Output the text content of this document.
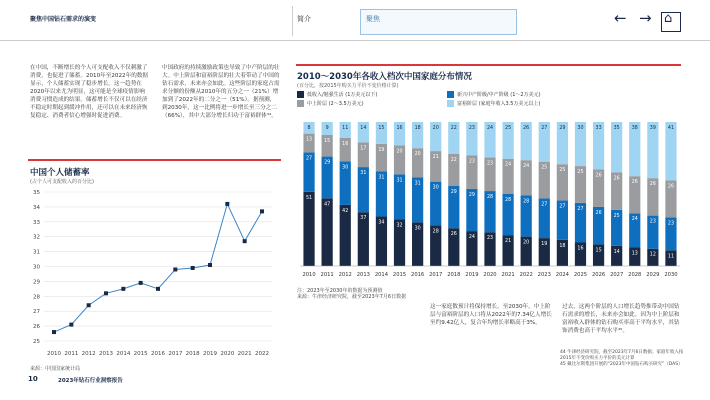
聚焦中国钻石需求的演变	简介	聚焦	← → ⌂
在中国，不断增长的个人可支配收入不仅刺激了消费，也促进了储蓄。2010年至2022年的数据显示，个人储蓄实现了稳步增长。这一趋势在2020年以来尤为明显，这可能是全球疫情影响消费习惯造成的结果。储蓄增长不仅可以在经济不稳定时期起到缓冲作用，还可以在未来经济恢复稳定、消费者信心增强时促进消费。
中国政府的持续激励政策也导致了中产阶层的壮大。中上阶层和富裕阶层的壮大着带动了中国的钻石需求，未来亦会如此。这些阶层的家庭占需求分额的份额从2010年的五分之一（21%）增加到了2022年的二分之一（51%）。据预测，到2030年，这一比例将进一步增长至三分之二（66%），其中大部分增长归功于富裕群体⁴⁴。
中国个人储蓄率
(占个人可支配收入的百分比)
25
26
27
28
29
30
31
32
33
34
35
2010 2011 2012 2013 2014 2015 2016 2017 2018 2019 2020 2021 2022
来源：中国国家统计局
2010～2030年各收入档次中国家庭分布情况
(百分比，按2015年购买力平价不变价格计算)
低收入/勉强生活 (1万美元以下)	新兴中产阶级/中产阶级 (1～2万美元)
中上阶层 (2～3.5万美元)	富裕阶层 (家庭年收入3.5万美元以上)
51
27
13
8
2010
47
29
15
9
2011
42
30
16
11
2012
37
31
17
14
2013
34
31
19
15
2014
32
31
20
16
2015
30
31
20
18
2016
28
30
21
20
2017
26
29
22
22
2018
24
29
23
23
2019
23
28
23
24
2020
21
28
24
25
2021
20
28
24
26
2022
19
27
25
27
2023
18
27
25
29
2024
16
27
25
30
2025
15
26
26
33
2026
14
25
26
35
2027
13
24
26
38
2028
12
23
26
39
2029
11
23
26
41
2030
注：2023年至2030年的数据为预测值
来源：牛津经济研究院，截至2023年7月6日数据
这一家庭数预计将保持增长，至2030年，中上阶层与富裕阶层的人口将从2022年的7.34亿人增长至约9.42亿人，复合年均增长率略高于3%。
过去，这两个阶层的人口增长趋势推带动中国钻石需求的增长，未来亦会如此。因为中上阶层和富裕收入群体的钻石购买率高于平均水平，其钻饰消费也高于平均水平⁴⁵。
44 牛津经济研究院，截至2023年7月6日数据；家庭年收入按2015年不变价购买力平价的美元计算
45 戴比尔斯集团开展的“2023年中国钻石购买研究”（DAS）
10	2023年钻石行业洞察报告
